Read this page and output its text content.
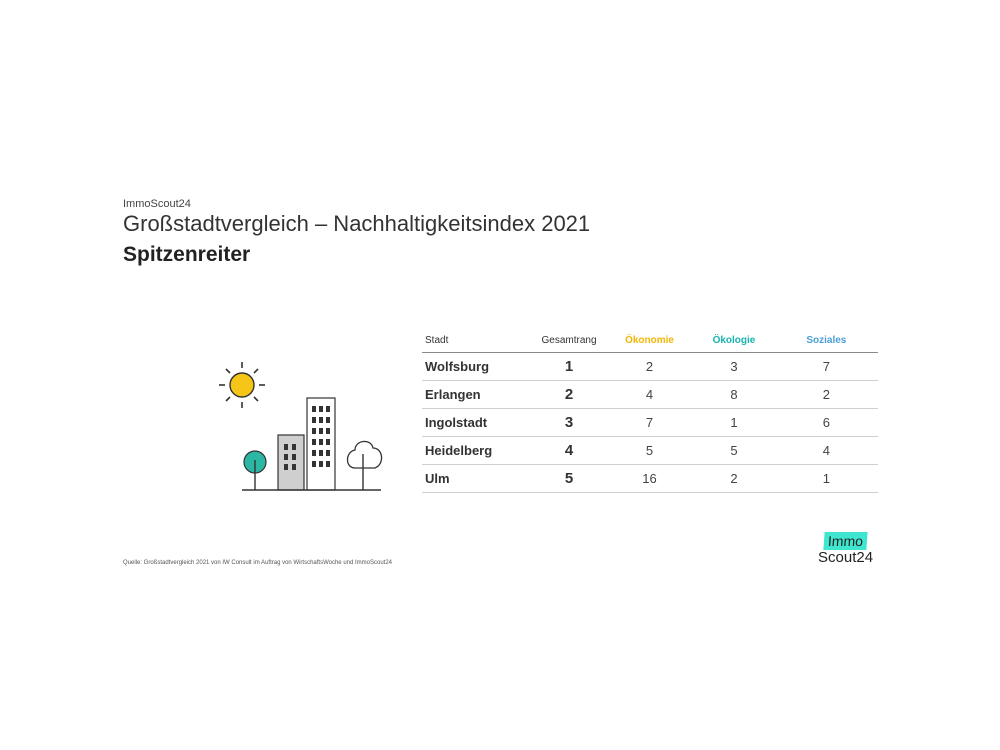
ImmoScout24
Großstadtvergleich – Nachhaltigkeitsindex 2021
Spitzenreiter
Stadt	Gesamtrang	Ökonomie	Ökologie	Soziales
Wolfsburg	1	2	3	7
Erlangen	2	4	8	2
Ingolstadt	3	7	1	6
Heidelberg	4	5	5	4
Ulm	5	16	2	1
Quelle: Großstadtvergleich 2021 von IW Consult im Auftrag von WirtschaftsWoche und ImmoScout24
Immo
Scout24
